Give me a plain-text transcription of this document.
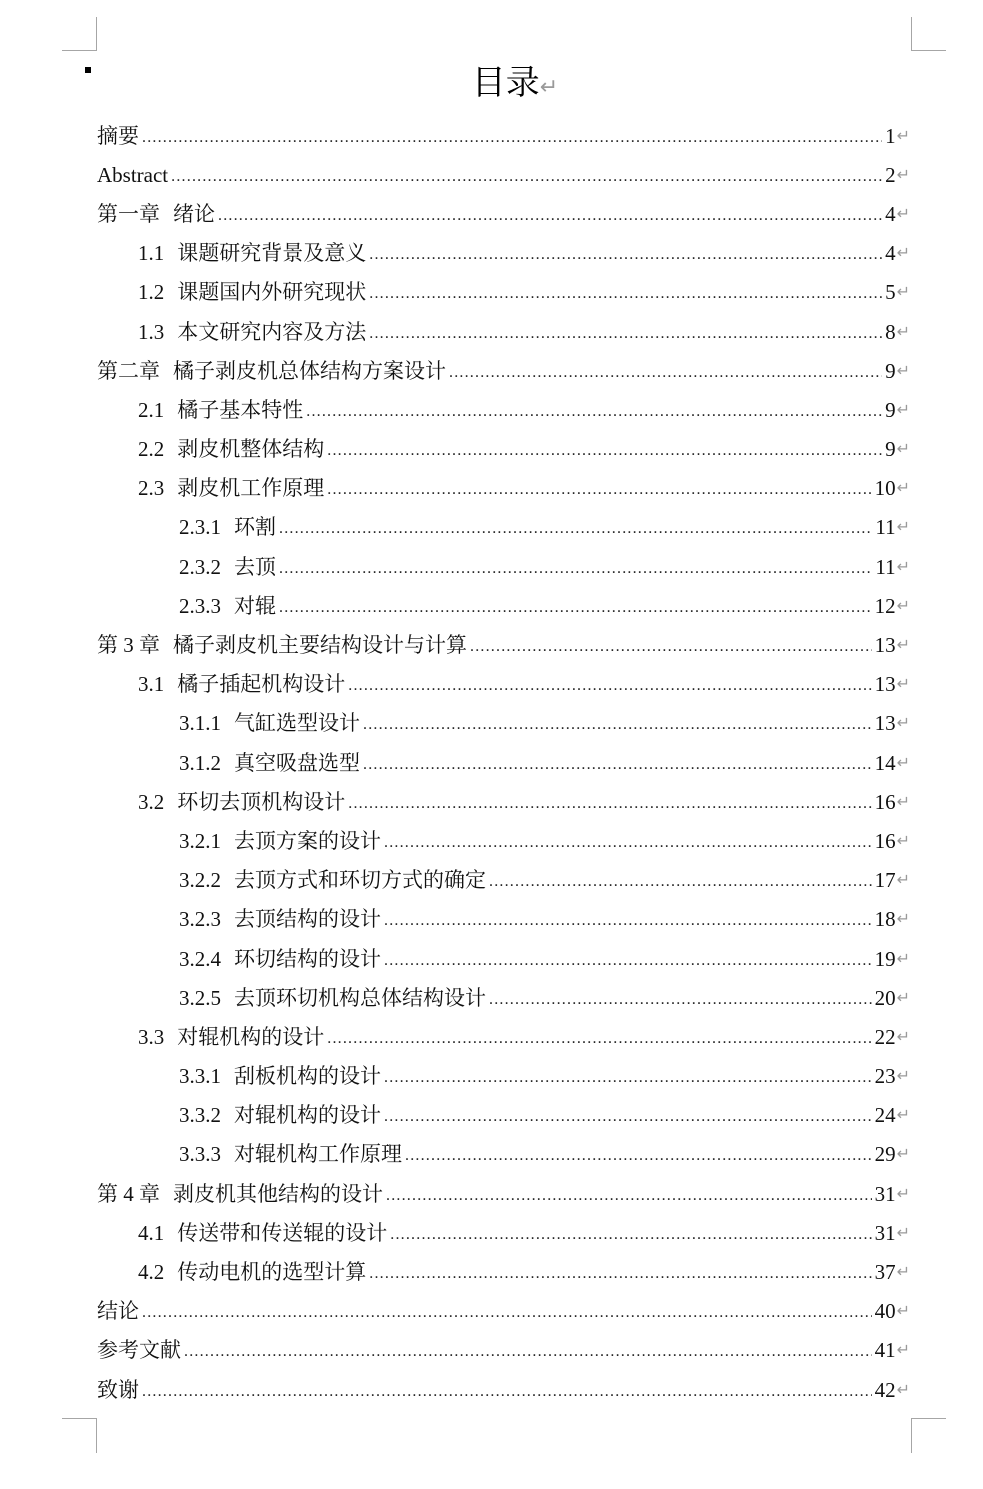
目录↵
摘要 .....	1 ↵
Abstract .....	2 ↵
第一章 绪论 .....	4 ↵
1.1 课题研究背景及意义 .....	4 ↵
1.2 课题国内外研究现状 .....	5 ↵
1.3 本文研究内容及方法 .....	8 ↵
第二章 橘子剥皮机总体结构方案设计 .....	9 ↵
2.1 橘子基本特性 .....	9 ↵
2.2 剥皮机整体结构 .....	9 ↵
2.3 剥皮机工作原理 .....	10 ↵
2.3.1 环割 .....	11 ↵
2.3.2 去顶 .....	11 ↵
2.3.3 对辊 .....	12 ↵
第 3 章 橘子剥皮机主要结构设计与计算 .....	13 ↵
3.1 橘子插起机构设计 .....	13 ↵
3.1.1 气缸选型设计 .....	13 ↵
3.1.2 真空吸盘选型 .....	14 ↵
3.2 环切去顶机构设计 .....	16 ↵
3.2.1 去顶方案的设计 .....	16 ↵
3.2.2 去顶方式和环切方式的确定 .....	17 ↵
3.2.3 去顶结构的设计 .....	18 ↵
3.2.4 环切结构的设计 .....	19 ↵
3.2.5 去顶环切机构总体结构设计 .....	20 ↵
3.3 对辊机构的设计 .....	22 ↵
3.3.1 刮板机构的设计 .....	23 ↵
3.3.2 对辊机构的设计 .....	24 ↵
3.3.3 对辊机构工作原理 .....	29 ↵
第 4 章 剥皮机其他结构的设计 .....	31 ↵
4.1 传送带和传送辊的设计 .....	31 ↵
4.2 传动电机的选型计算 .....	37 ↵
结论 .....	40 ↵
参考文献 .....	41 ↵
致谢 .....	42 ↵
